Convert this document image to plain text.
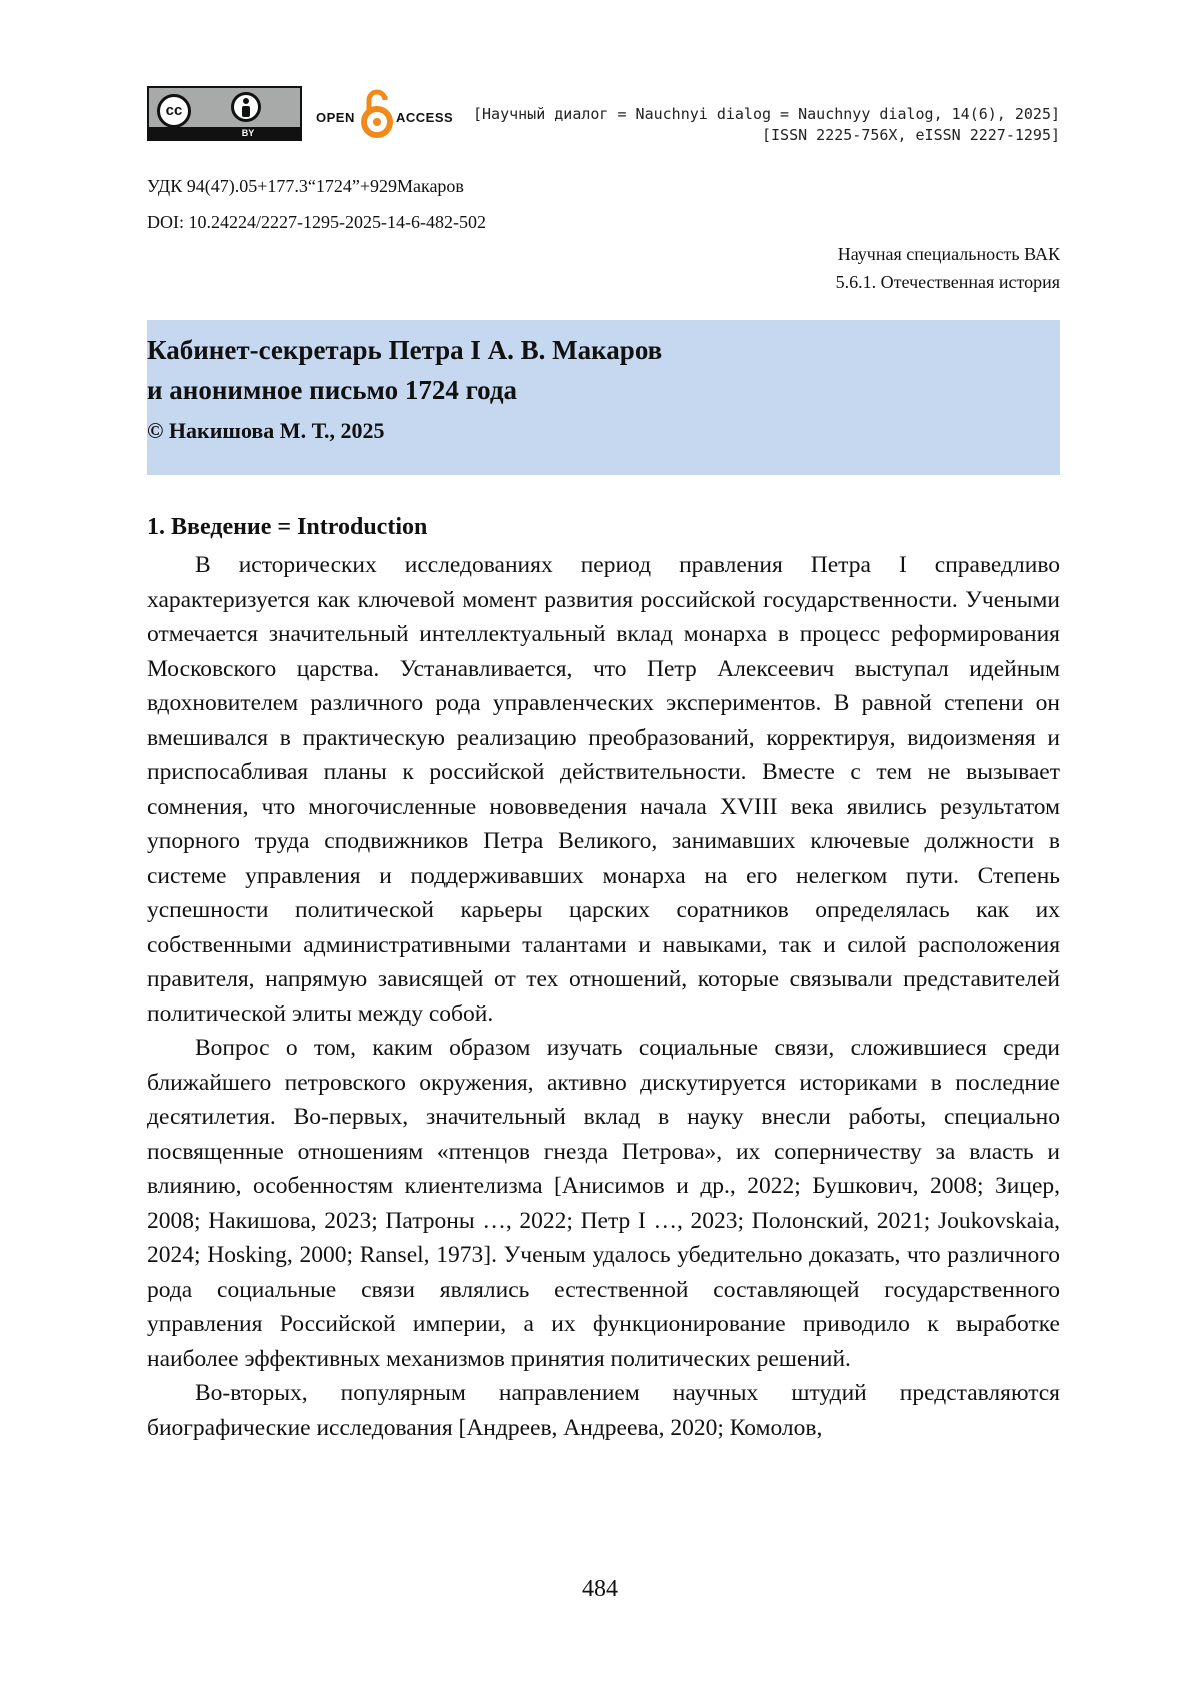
cc
BY
OPEN	ACCESS [Научный диалог = Nauchnyi dialog = Nauchnyy dialog, 14(6), 2025]
[ISSN 2225-756X, eISSN 2227-1295]
УДК 94(47).05+177.3“1724”+929Макаров
DOI: 10.24224/2227-1295-2025-14-6-482-502
Научная специальность ВАК
5.6.1. Отечественная история
Кабинет-секретарь Петра I А. В. Макаров
и анонимное письмо 1724 года
© Накишова М. Т., 2025
1. Введение = Introduction

В исторических исследованиях период правления Петра I справедливо характеризуется как ключевой момент развития российской государственности. Учеными отмечается значительный интеллектуальный вклад монарха в процесс реформирования Московского царства. Устанавливается, что Петр Алексеевич выступал идейным вдохновителем различного рода управленческих экспериментов. В равной степени он вмешивался в практическую реализацию преобразований, корректируя, видоизменяя и приспосабливая планы к российской действительности. Вместе с тем не вызывает сомнения, что многочисленные нововведения начала XVIII века явились результатом упорного труда сподвижников Петра Великого, занимавших ключевые должности в системе управления и поддерживавших монарха на его нелегком пути. Степень успешности политической карьеры царских соратников определялась как их собственными административными талантами и навыками, так и силой расположения правителя, напрямую зависящей от тех отношений, которые связывали представителей политической элиты между собой.

Вопрос о том, каким образом изучать социальные связи, сложившиеся среди ближайшего петровского окружения, активно дискутируется историками в последние десятилетия. Во-первых, значительный вклад в науку внесли работы, специально посвященные отношениям «птенцов гнезда Петрова», их соперничеству за власть и влиянию, особенностям клиентелизма [Анисимов и др., 2022; Бушкович, 2008; Зицер, 2008; Накишова, 2023; Патроны …, 2022; Петр I …, 2023; Полонский, 2021; Joukovskaia, 2024; Hosking, 2000; Ransel, 1973]. Ученым удалось убедительно доказать, что различного рода социальные связи являлись естественной составляющей государственного управления Российской империи, а их функционирование приводило к выработке наиболее эффективных механизмов принятия политических решений.

Во-вторых, популярным направлением научных штудий представляются биографические исследования [Андреев, Андреева, 2020; Комолов,

484
